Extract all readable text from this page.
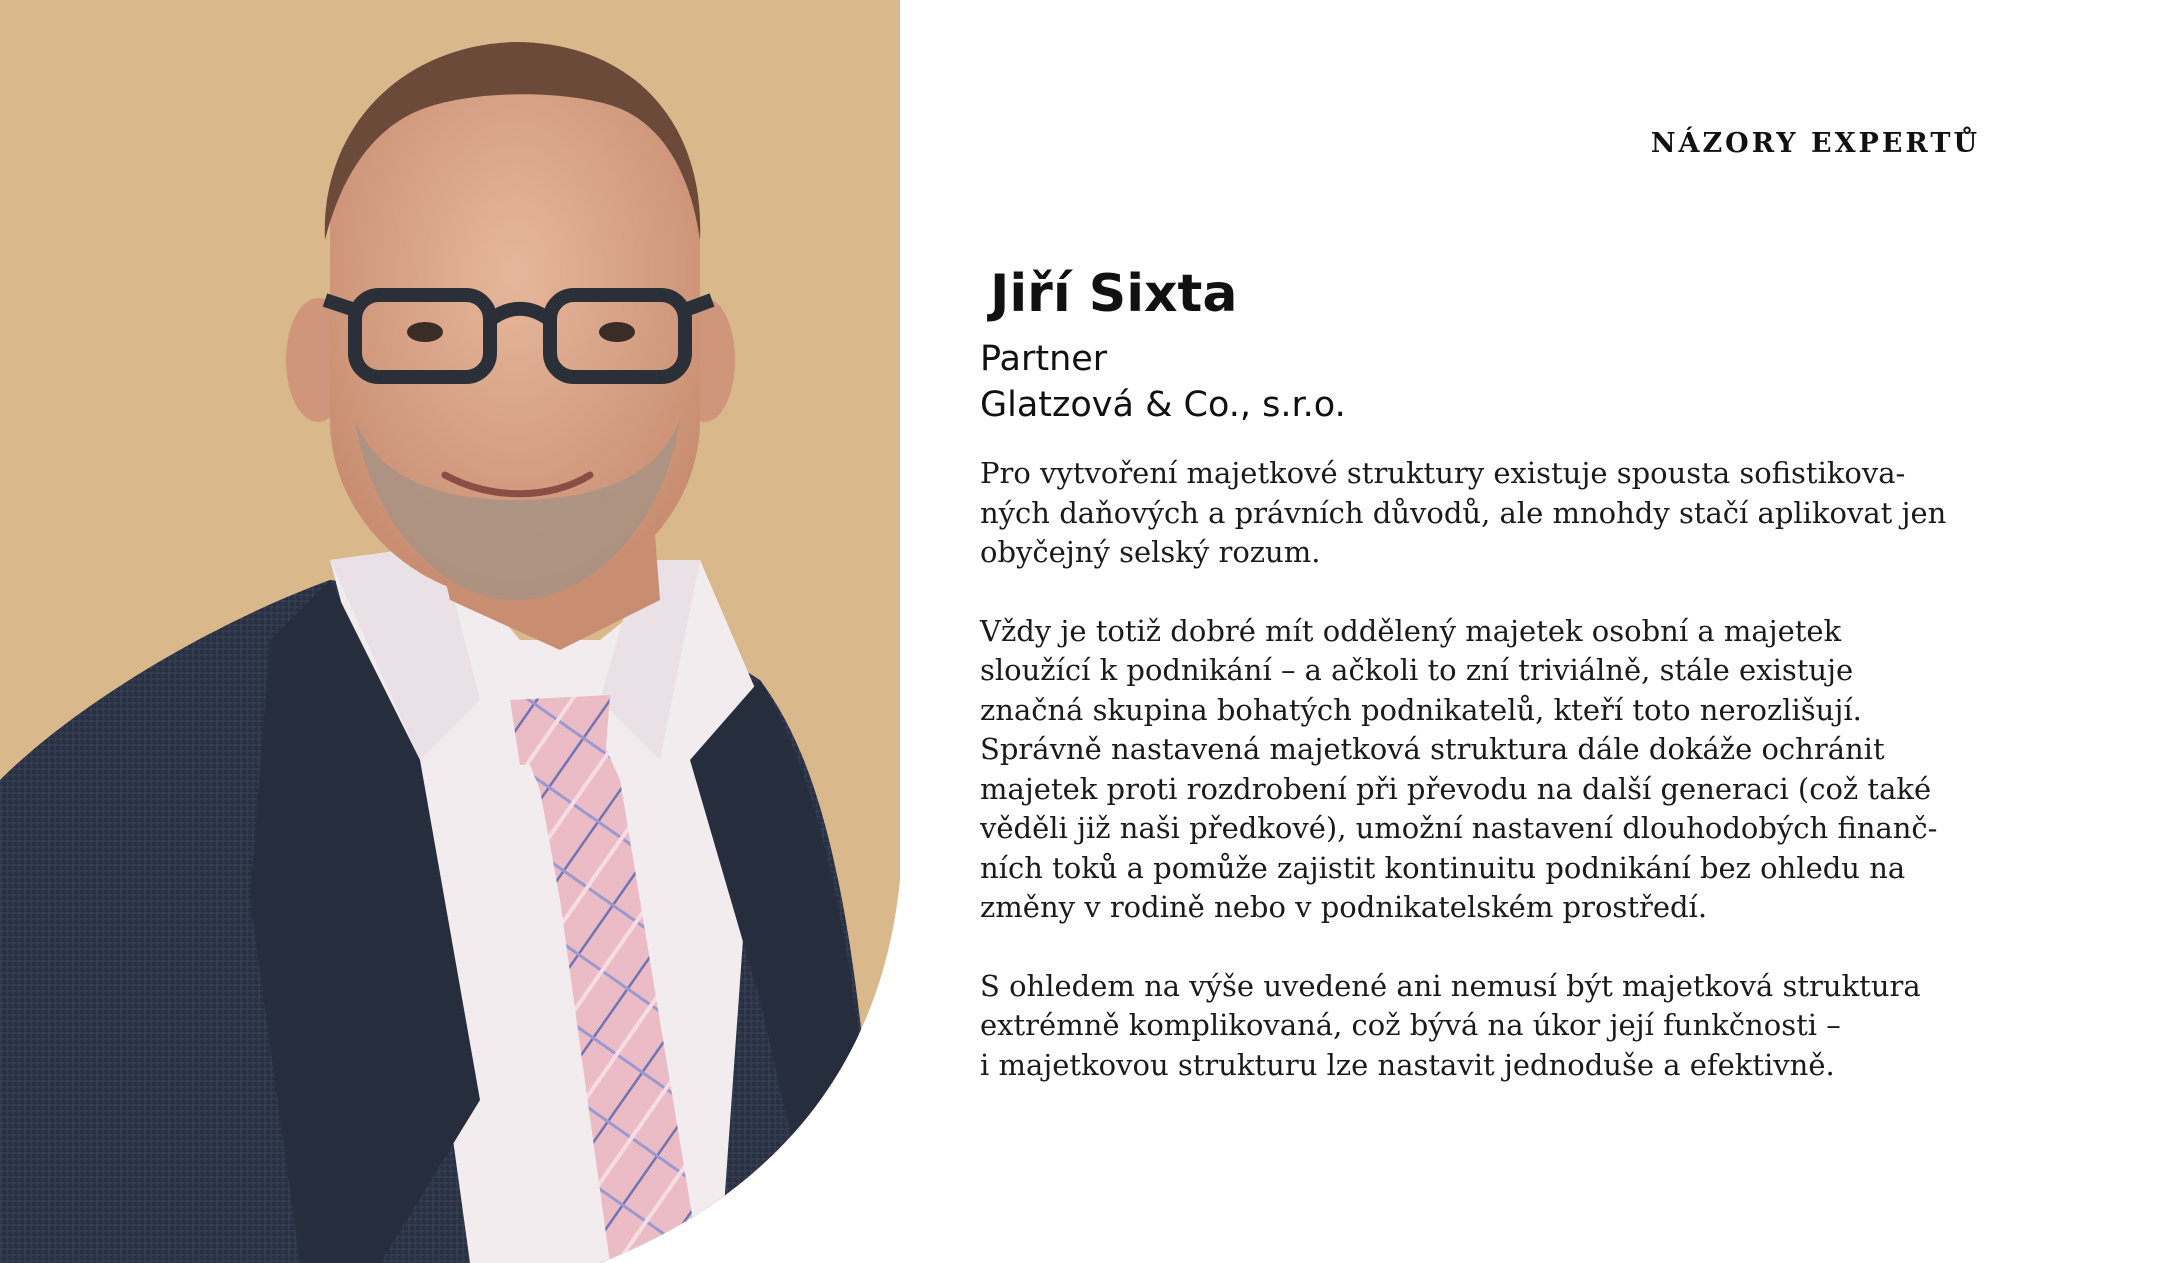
NÁZORY EXPERTŮ
Jiří Sixta
Partner
Glatzová & Co., s.r.o.

Pro vytvoření majetkové struktury existuje spousta sofistikova-
ných daňových a právních důvodů, ale mnohdy stačí aplikovat jen
obyčejný selský rozum.

Vždy je totiž dobré mít oddělený majetek osobní a majetek
sloužící k podnikání – a ačkoli to zní triviálně, stále existuje
značná skupina bohatých podnikatelů, kteří toto nerozlišují.
Správně nastavená majetková struktura dále dokáže ochránit
majetek proti rozdrobení při převodu na další generaci (což také
věděli již naši předkové), umožní nastavení dlouhodobých finanč-
ních toků a pomůže zajistit kontinuitu podnikání bez ohledu na
změny v rodině nebo v podnikatelském prostředí.

S ohledem na výše uvedené ani nemusí být majetková struktura
extrémně komplikovaná, což bývá na úkor její funkčnosti –
i majetkovou strukturu lze nastavit jednoduše a efektivně.
